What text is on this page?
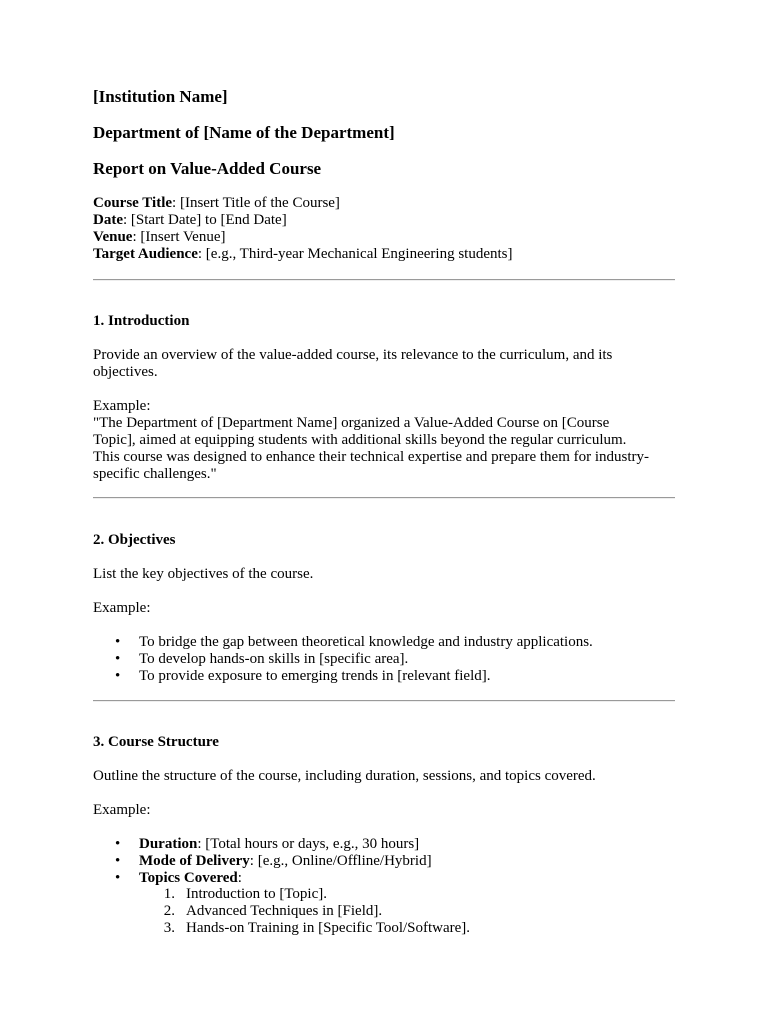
[Institution Name]
Department of [Name of the Department]
Report on Value-Added Course
Course Title: [Insert Title of the Course]
Date: [Start Date] to [End Date]
Venue: [Insert Venue]
Target Audience: [e.g., Third-year Mechanical Engineering students]
1. Introduction
Provide an overview of the value-added course, its relevance to the curriculum, and its
objectives.
Example:
"The Department of [Department Name] organized a Value-Added Course on [Course
Topic], aimed at equipping students with additional skills beyond the regular curriculum.
This course was designed to enhance their technical expertise and prepare them for industry-
specific challenges."
2. Objectives
List the key objectives of the course.
Example:
• To bridge the gap between theoretical knowledge and industry applications.
• To develop hands-on skills in [specific area].
• To provide exposure to emerging trends in [relevant field].
3. Course Structure
Outline the structure of the course, including duration, sessions, and topics covered.
Example:
• Duration: [Total hours or days, e.g., 30 hours]
• Mode of Delivery: [e.g., Online/Offline/Hybrid]
• Topics Covered:
1. Introduction to [Topic].
2. Advanced Techniques in [Field].
3. Hands-on Training in [Specific Tool/Software].
